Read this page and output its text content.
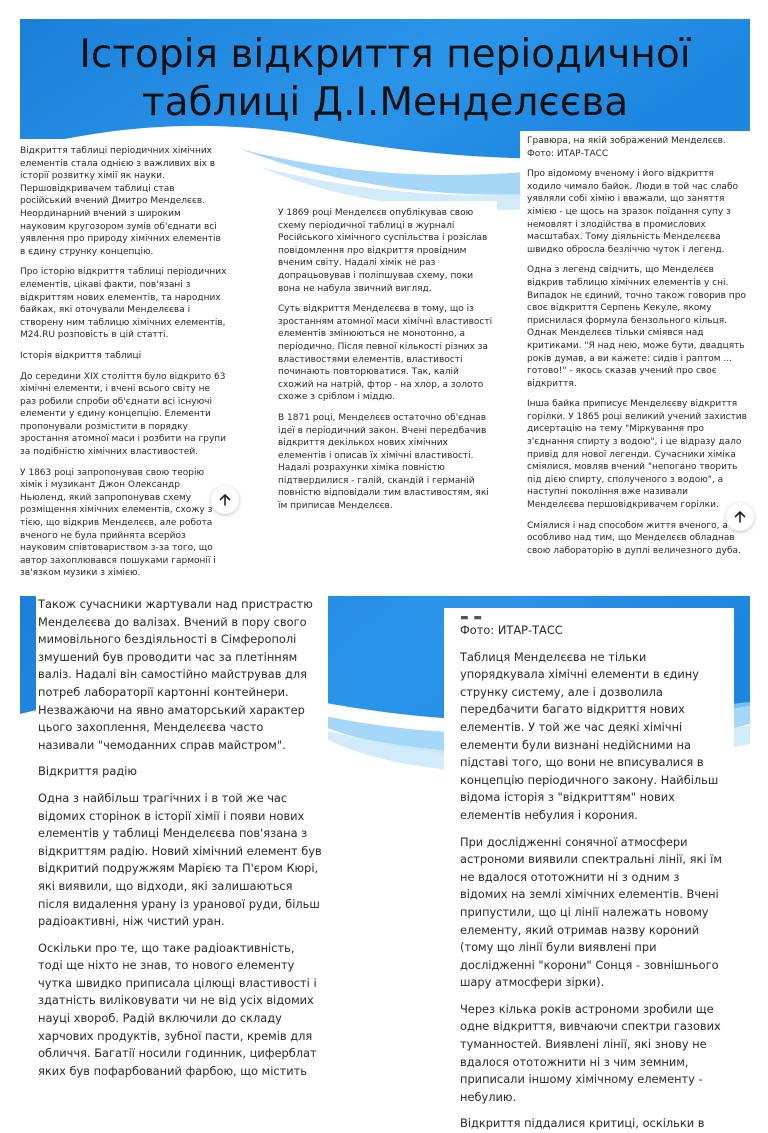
Історія відкриття періодичної таблиці Д.І.Менделєєва

Відкриття таблиці періодичних хімічних елементів стала однією з важливих віх в історії розвитку хімії як науки. Першовідкривачем таблиці став російський вчений Дмитро Менделєєв. Неординарний вчений з широким науковим кругозором зумів об'єднати всі уявлення про природу хімічних елементів в єдину струнку концепцію.

Про історію відкриття таблиці періодичних елементів, цікаві факти, пов'язані з відкриттям нових елементів, та народних байках, які оточували Менделєєва і створену ним таблицю хімічних елементів, M24.RU розповість в цій статті.

Історія відкриття таблиці

До середини XIX століття було відкрито 63 хімічні елементи, і вчені всього світу не раз робили спроби об'єднати всі існуючі елементи у єдину концепцію. Елементи пропонували розмістити в порядку зростання атомної маси і розбити на групи за подібністю хімічних властивостей.

У 1863 році запропонував свою теорію хімік і музикант Джон Олександр Ньюленд, який запропонував схему розміщення хімічних елементів, схожу з тією, що відкрив Менделєєв, але робота вченого не була прийнята всерйоз науковим співтовариством з-за того, що автор захоплювався пошуками гармонії і зв'язком музики з хімією.

У 1869 році Менделєєв опублікував свою схему періодичної таблиці в журналі Російського хімічного суспільства і розіслав повідомлення про відкриття провідним вченим світу. Надалі хімік не раз допрацьовував і поліпшував схему, поки вона не набула звичний вигляд.

Суть відкриття Менделєєва в тому, що із зростанням атомної маси хімічні властивості елементів змінюються не монотонно, а періодично. Після певної кількості різних за властивостями елементів, властивості починають повторюватися. Так, калій схожий на натрій, фтор - на хлор, а золото схоже з сріблом і міддю.

В 1871 році, Менделєєв остаточно об'єднав ідеї в періодичний закон. Вчені передбачив відкриття декількох нових хімічних елементів і описав їх хімічні властивості. Надалі розрахунки хіміка повністю підтвердилися - галій, скандій і германій повністю відповідали тим властивостям, які їм приписав Менделєєв.

Гравюра, на якій зображений Менделєєв. Фото: ИТАР-ТАСС

Про відомому вченому і його відкриття ходило чимало байок. Люди в той час слабо уявляли собі хімію і вважали, що заняття хімією - це щось на зразок поїдання супу з немовлят і злодійства в промислових масштабах. Тому діяльність Менделєєва швидко обросла безліччю чуток і легенд.

Одна з легенд свідчить, що Менделєєв відкрив таблицю хімічних елементів у сні. Випадок не єдиний, точно також говорив про своє відкриття Серпень Кекуле, якому приснилася формула бензольного кільця. Однак Менделєєв тільки сміявся над критиками. "Я над нею, може бути, двадцять років думав, а ви кажете: сидів і раптом ... готово!" - якось сказав учений про своє відкриття.

Інша байка приписує Менделєєву відкриття горілки. У 1865 році великий учений захистив дисертацію на тему "Міркування про з'єднання спирту з водою", і це відразу дало привід для нової легенди. Сучасники хіміка сміялися, мовляв вчений "непогано творить під дією спирту, сполученого з водою", а наступні покоління вже називали Менделєєва першовідкривачем горілки.

Сміялися і над способом життя вченого, а особливо над тим, що Менделєєв обладнав свою лабораторію в дуплі величезного дуба.

Також сучасники жартували над пристрастю Менделєєва до валізах. Вчений в пору свого мимовільного бездіяльності в Сімферополі змушений був проводити час за плетінням валіз. Надалі він самостійно майстрував для потреб лабораторії картонні контейнери. Незважаючи на явно аматорський характер цього захоплення, Менделєєва часто називали "чемоданних справ майстром".

Відкриття радію

Одна з найбільш трагічних і в той же час відомих сторінок в історії хімії і появи нових елементів у таблиці Менделєєва пов'язана з відкриттям радію. Новий хімічний елемент був відкритий подружжям Марією та П'єром Кюрі, які виявили, що відходи, які залишаються після видалення урану із уранової руди, більш радіоактивні, ніж чистий уран.

Оскільки про те, що таке радіоактивність, тоді ще ніхто не знав, то нового елементу чутка швидко приписала цілющі властивості і здатність виліковувати чи не від усіх відомих науці хвороб. Радій включили до складу харчових продуктів, зубної пасти, кремів для обличчя. Багатії носили годинник, циферблат яких був пофарбований фарбою, що містить

▬ ▬

Фото: ИТАР-ТАСС

Таблиця Менделєєва не тільки упорядкувала хімічні елементи в єдину струнку систему, але і дозволила передбачити багато відкриття нових елементів. У той же час деякі хімічні елементи були визнані недійсними на підставі того, що вони не вписувалися в концепцію періодичного закону. Найбільш відома історія з "відкриттям" нових елементів небулия і корония.

При дослідженні сонячної атмосфери астрономи виявили спектральні лінії, які їм не вдалося ототожнити ні з одним з відомих на землі хімічних елементів. Вчені припустили, що ці лінії належать новому елементу, який отримав назву короний (тому що лінії були виявлені при дослідженні "корони" Сонця - зовнішнього шару атмосфери зірки).

Через кілька років астрономи зробили ще одне відкриття, вивчаючи спектри газових туманностей. Виявлені лінії, які знову не вдалося ототожнити ні з чим земним, приписали іншому хімічному елементу - небулию.

Відкриття піддалися критиці, оскільки в
